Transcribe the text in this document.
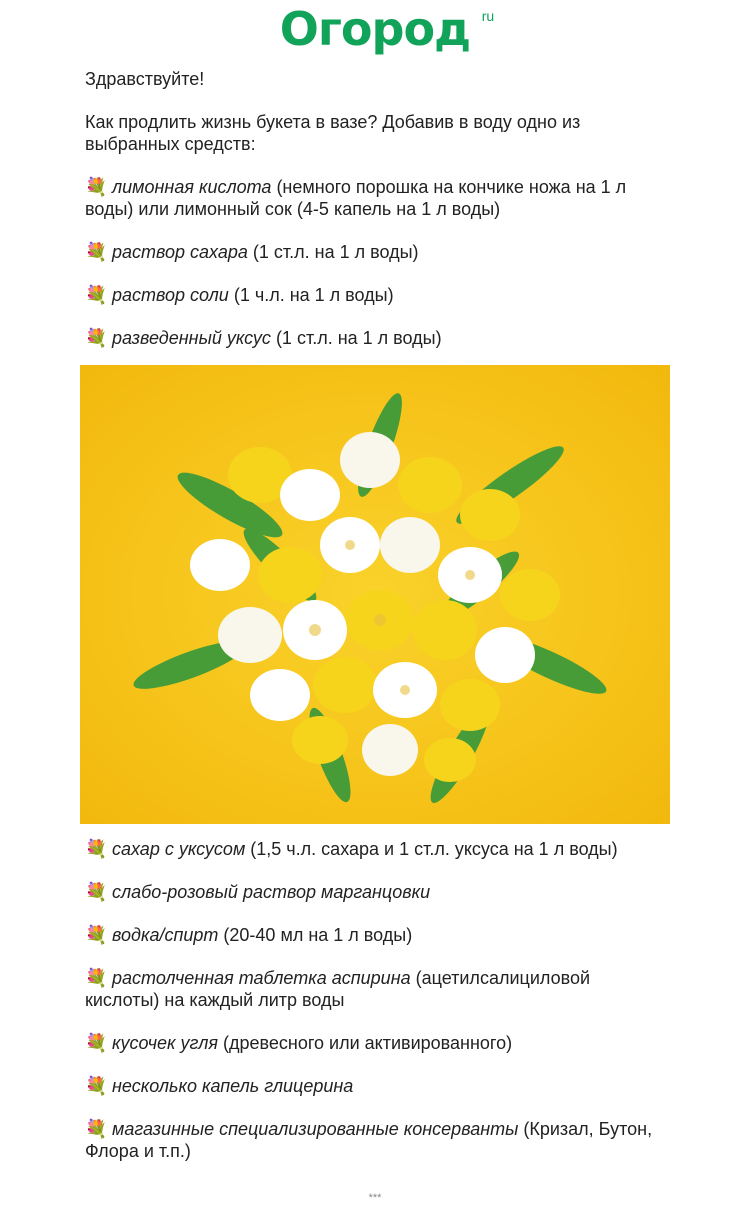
Огород ru

Здравствуйте!

Как продлить жизнь букета в вазе? Добавив в воду одно из выбранных средств:

💐 лимонная кислота (немного порошка на кончике ножа на 1 л воды) или лимонный сок (4-5 капель на 1 л воды)

💐 раствор сахара (1 ст.л. на 1 л воды)

💐 раствор соли (1 ч.л. на 1 л воды)

💐 разведенный уксус (1 ст.л. на 1 л воды)

💐 сахар с уксусом (1,5 ч.л. сахара и 1 ст.л. уксуса на 1 л воды)

💐 слабо-розовый раствор марганцовки

💐 водка/спирт (20-40 мл на 1 л воды)

💐 растолченная таблетка аспирина (ацетилсалициловой кислоты) на каждый литр воды

💐 кусочек угля (древесного или активированного)

💐 несколько капель глицерина

💐 магазинные специализированные консерванты (Кризал, Бутон, Флора и т.п.)

***
